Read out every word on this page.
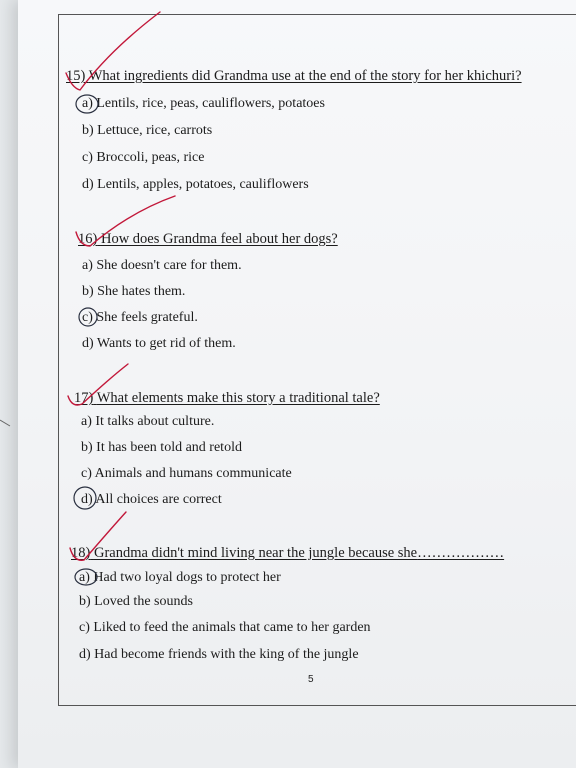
15) What ingredients did Grandma use at the end of the story for her khichuri?
a) Lentils, rice, peas, cauliflowers, potatoes
b) Lettuce, rice, carrots
c) Broccoli, peas, rice
d) Lentils, apples, potatoes, cauliflowers
16) How does Grandma feel about her dogs?
a) She doesn't care for them.
b) She hates them.
c) She feels grateful.
d) Wants to get rid of them.
17) What elements make this story a traditional tale?
a) It talks about culture.
b) It has been told and retold
c) Animals and humans communicate
d) All choices are correct
18) Grandma didn't mind living near the jungle because she………………
a) Had two loyal dogs to protect her
b) Loved the sounds
c) Liked to feed the animals that came to her garden
d) Had become friends with the king of the jungle
5
